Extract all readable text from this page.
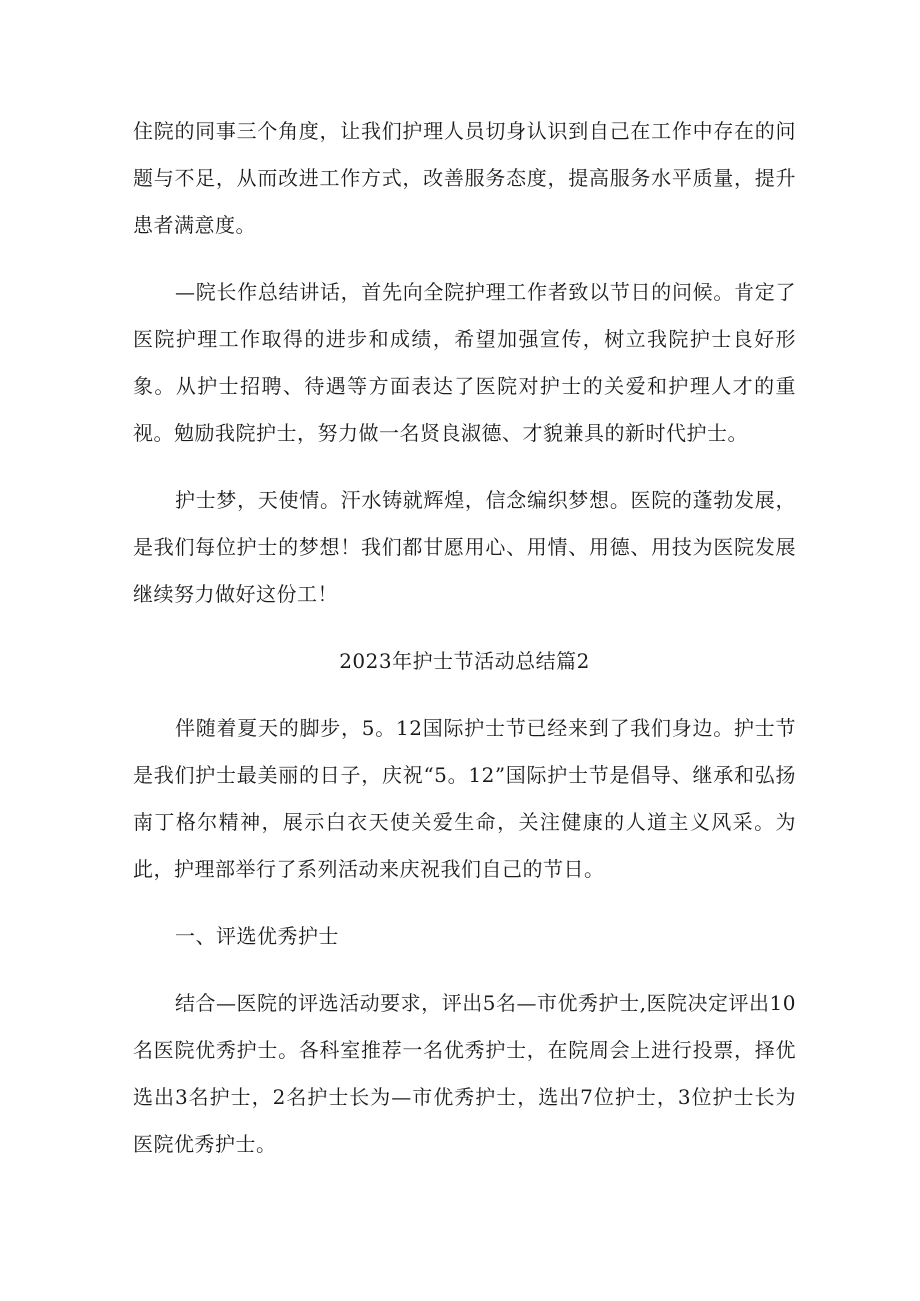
住院的同事三个角度，让我们护理人员切身认识到自己在工作中存在的问题与不足，从而改进工作方式，改善服务态度，提高服务水平质量，提升患者满意度。

—院长作总结讲话，首先向全院护理工作者致以节日的问候。肯定了医院护理工作取得的进步和成绩，希望加强宣传，树立我院护士良好形象。从护士招聘、待遇等方面表达了医院对护士的关爱和护理人才的重视。勉励我院护士，努力做一名贤良淑德、才貌兼具的新时代护士。

护士梦，天使情。汗水铸就辉煌，信念编织梦想。医院的蓬勃发展，是我们每位护士的梦想！我们都甘愿用心、用情、用德、用技为医院发展继续努力做好这份工！

2023年护士节活动总结篇2

伴随着夏天的脚步，5。12国际护士节已经来到了我们身边。护士节是我们护士最美丽的日子，庆祝“5。12”国际护士节是倡导、继承和弘扬南丁格尔精神，展示白衣天使关爱生命，关注健康的人道主义风采。为此，护理部举行了系列活动来庆祝我们自己的节日。

一、评选优秀护士

结合—医院的评选活动要求，评出5名—市优秀护士,医院决定评出10名医院优秀护士。各科室推荐一名优秀护士，在院周会上进行投票，择优选出3名护士，2名护士长为—市优秀护士，选出7位护士，3位护士长为医院优秀护士。
